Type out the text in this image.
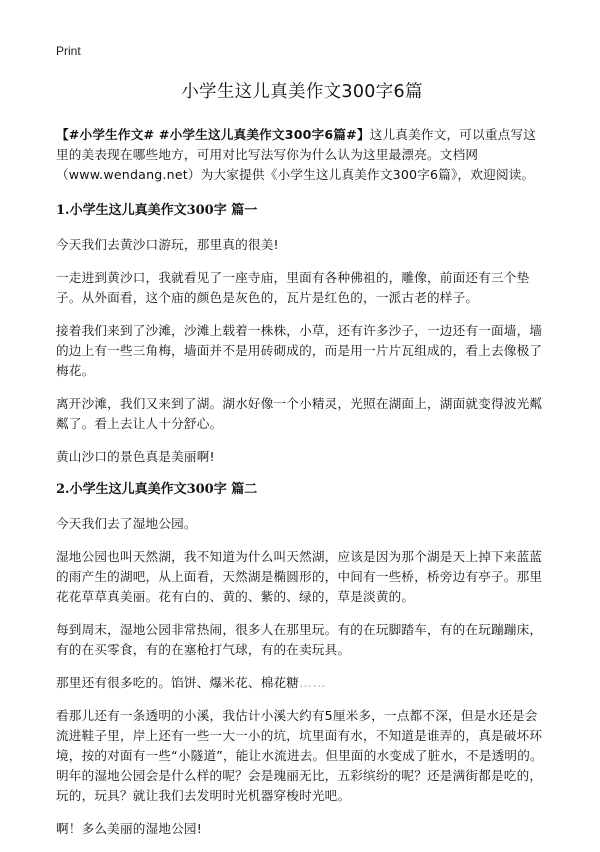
Print
小学生这儿真美作文300字6篇

【#小学生作文# #小学生这儿真美作文300字6篇#】这儿真美作文，可以重点写这里的美表现在哪些地方，可用对比写法写你为什么认为这里最漂亮。文档网（www.wendang.net）为大家提供《小学生这儿真美作文300字6篇》，欢迎阅读。

1.小学生这儿真美作文300字 篇一

今天我们去黄沙口游玩，那里真的很美!

一走进到黄沙口，我就看见了一座寺庙，里面有各种佛祖的，雕像，前面还有三个垫子。从外面看，这个庙的颜色是灰色的，瓦片是红色的，一派古老的样子。

接着我们来到了沙滩，沙滩上载着一株株，小草，还有许多沙子，一边还有一面墙，墙的边上有一些三角梅，墙面并不是用砖砌成的，而是用一片片瓦组成的，看上去像极了梅花。

离开沙滩，我们又来到了湖。湖水好像一个小精灵，光照在湖面上，湖面就变得波光粼粼了。看上去让人十分舒心。

黄山沙口的景色真是美丽啊!

2.小学生这儿真美作文300字 篇二

今天我们去了湿地公园。

湿地公园也叫天然湖，我不知道为什么叫天然湖，应该是因为那个湖是天上掉下来蓝蓝的雨产生的湖吧，从上面看，天然湖是椭圆形的，中间有一些桥，桥旁边有亭子。那里花花草草真美丽。花有白的、黄的、紫的、绿的，草是淡黄的。

每到周末，湿地公园非常热闹，很多人在那里玩。有的在玩脚踏车，有的在玩蹦蹦床，有的在买零食，有的在塞枪打气球，有的在卖玩具。

那里还有很多吃的。馅饼、爆米花、棉花糖……

看那儿还有一条透明的小溪，我估计小溪大约有5厘米多，一点都不深，但是水还是会流进鞋子里，岸上还有一些一大一小的坑，坑里面有水，不知道是谁弄的，真是破坏环境，按的对面有一些“小隧道”，能让水流进去。但里面的水变成了脏水，不是透明的。明年的湿地公园会是什么样的呢？会是瑰丽无比，五彩缤纷的呢？还是满街都是吃的，玩的，玩具？就让我们去发明时光机器穿梭时光吧。

啊！多么美丽的湿地公园!
